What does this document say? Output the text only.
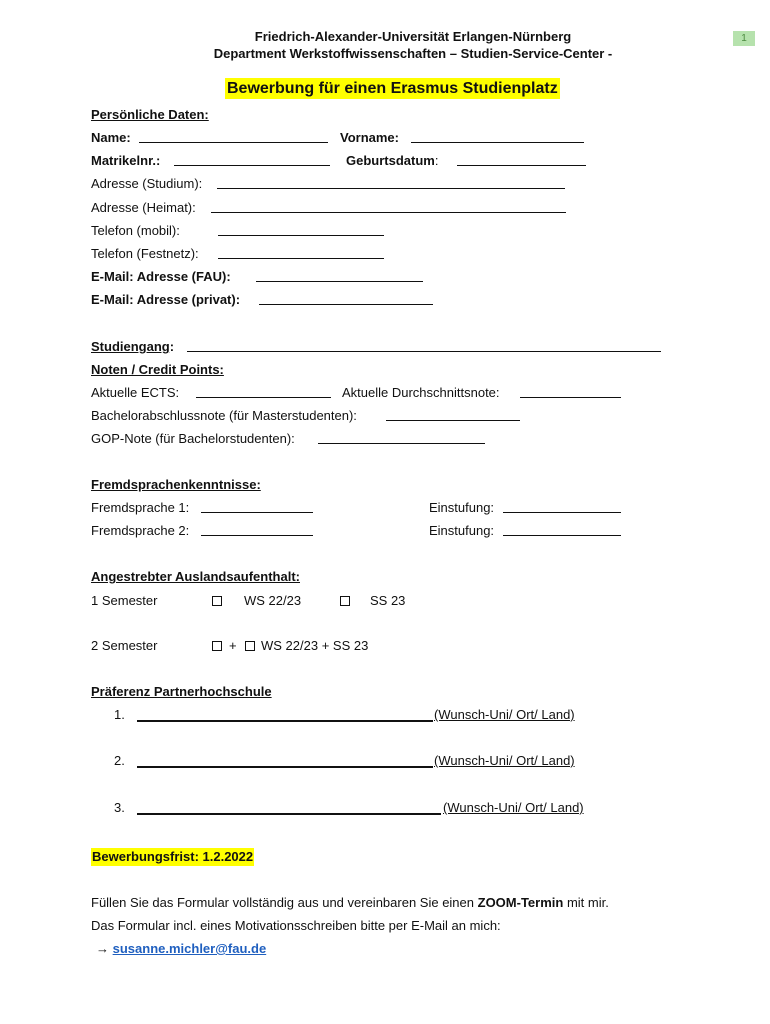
1
Friedrich-Alexander-Universität Erlangen-Nürnberg
Department Werkstoffwissenschaften – Studien-Service-Center -
Bewerbung für einen Erasmus Studienplatz
Persönliche Daten:
Name:	Vorname:
Matrikelnr.:	Geburtsdatum:
Adresse (Studium):
Adresse (Heimat):
Telefon (mobil):
Telefon (Festnetz):
E-Mail: Adresse (FAU):
E-Mail: Adresse (privat):
Studiengang:
Noten / Credit Points:
Aktuelle ECTS:	Aktuelle Durchschnittsnote:
Bachelorabschlussnote (für Masterstudenten):
GOP-Note (für Bachelorstudenten):
Fremdsprachenkenntnisse:
Fremdsprache 1:	Einstufung:
Fremdsprache 2:	Einstufung:
Angestrebter Auslandsaufenthalt:
1 Semester	WS 22/23	SS 23
2 Semester	+ WS 22/23 + SS 23
Präferenz Partnerhochschule
1.	(Wunsch-Uni/ Ort/ Land)
2.	(Wunsch-Uni/ Ort/ Land)
3.	(Wunsch-Uni/ Ort/ Land)
Bewerbungsfrist: 1.2.2022
Füllen Sie das Formular vollständig aus und vereinbaren Sie einen ZOOM-Termin mit mir.
Das Formular incl. eines Motivationsschreiben bitte per E-Mail an mich:
→ susanne.michler@fau.de
